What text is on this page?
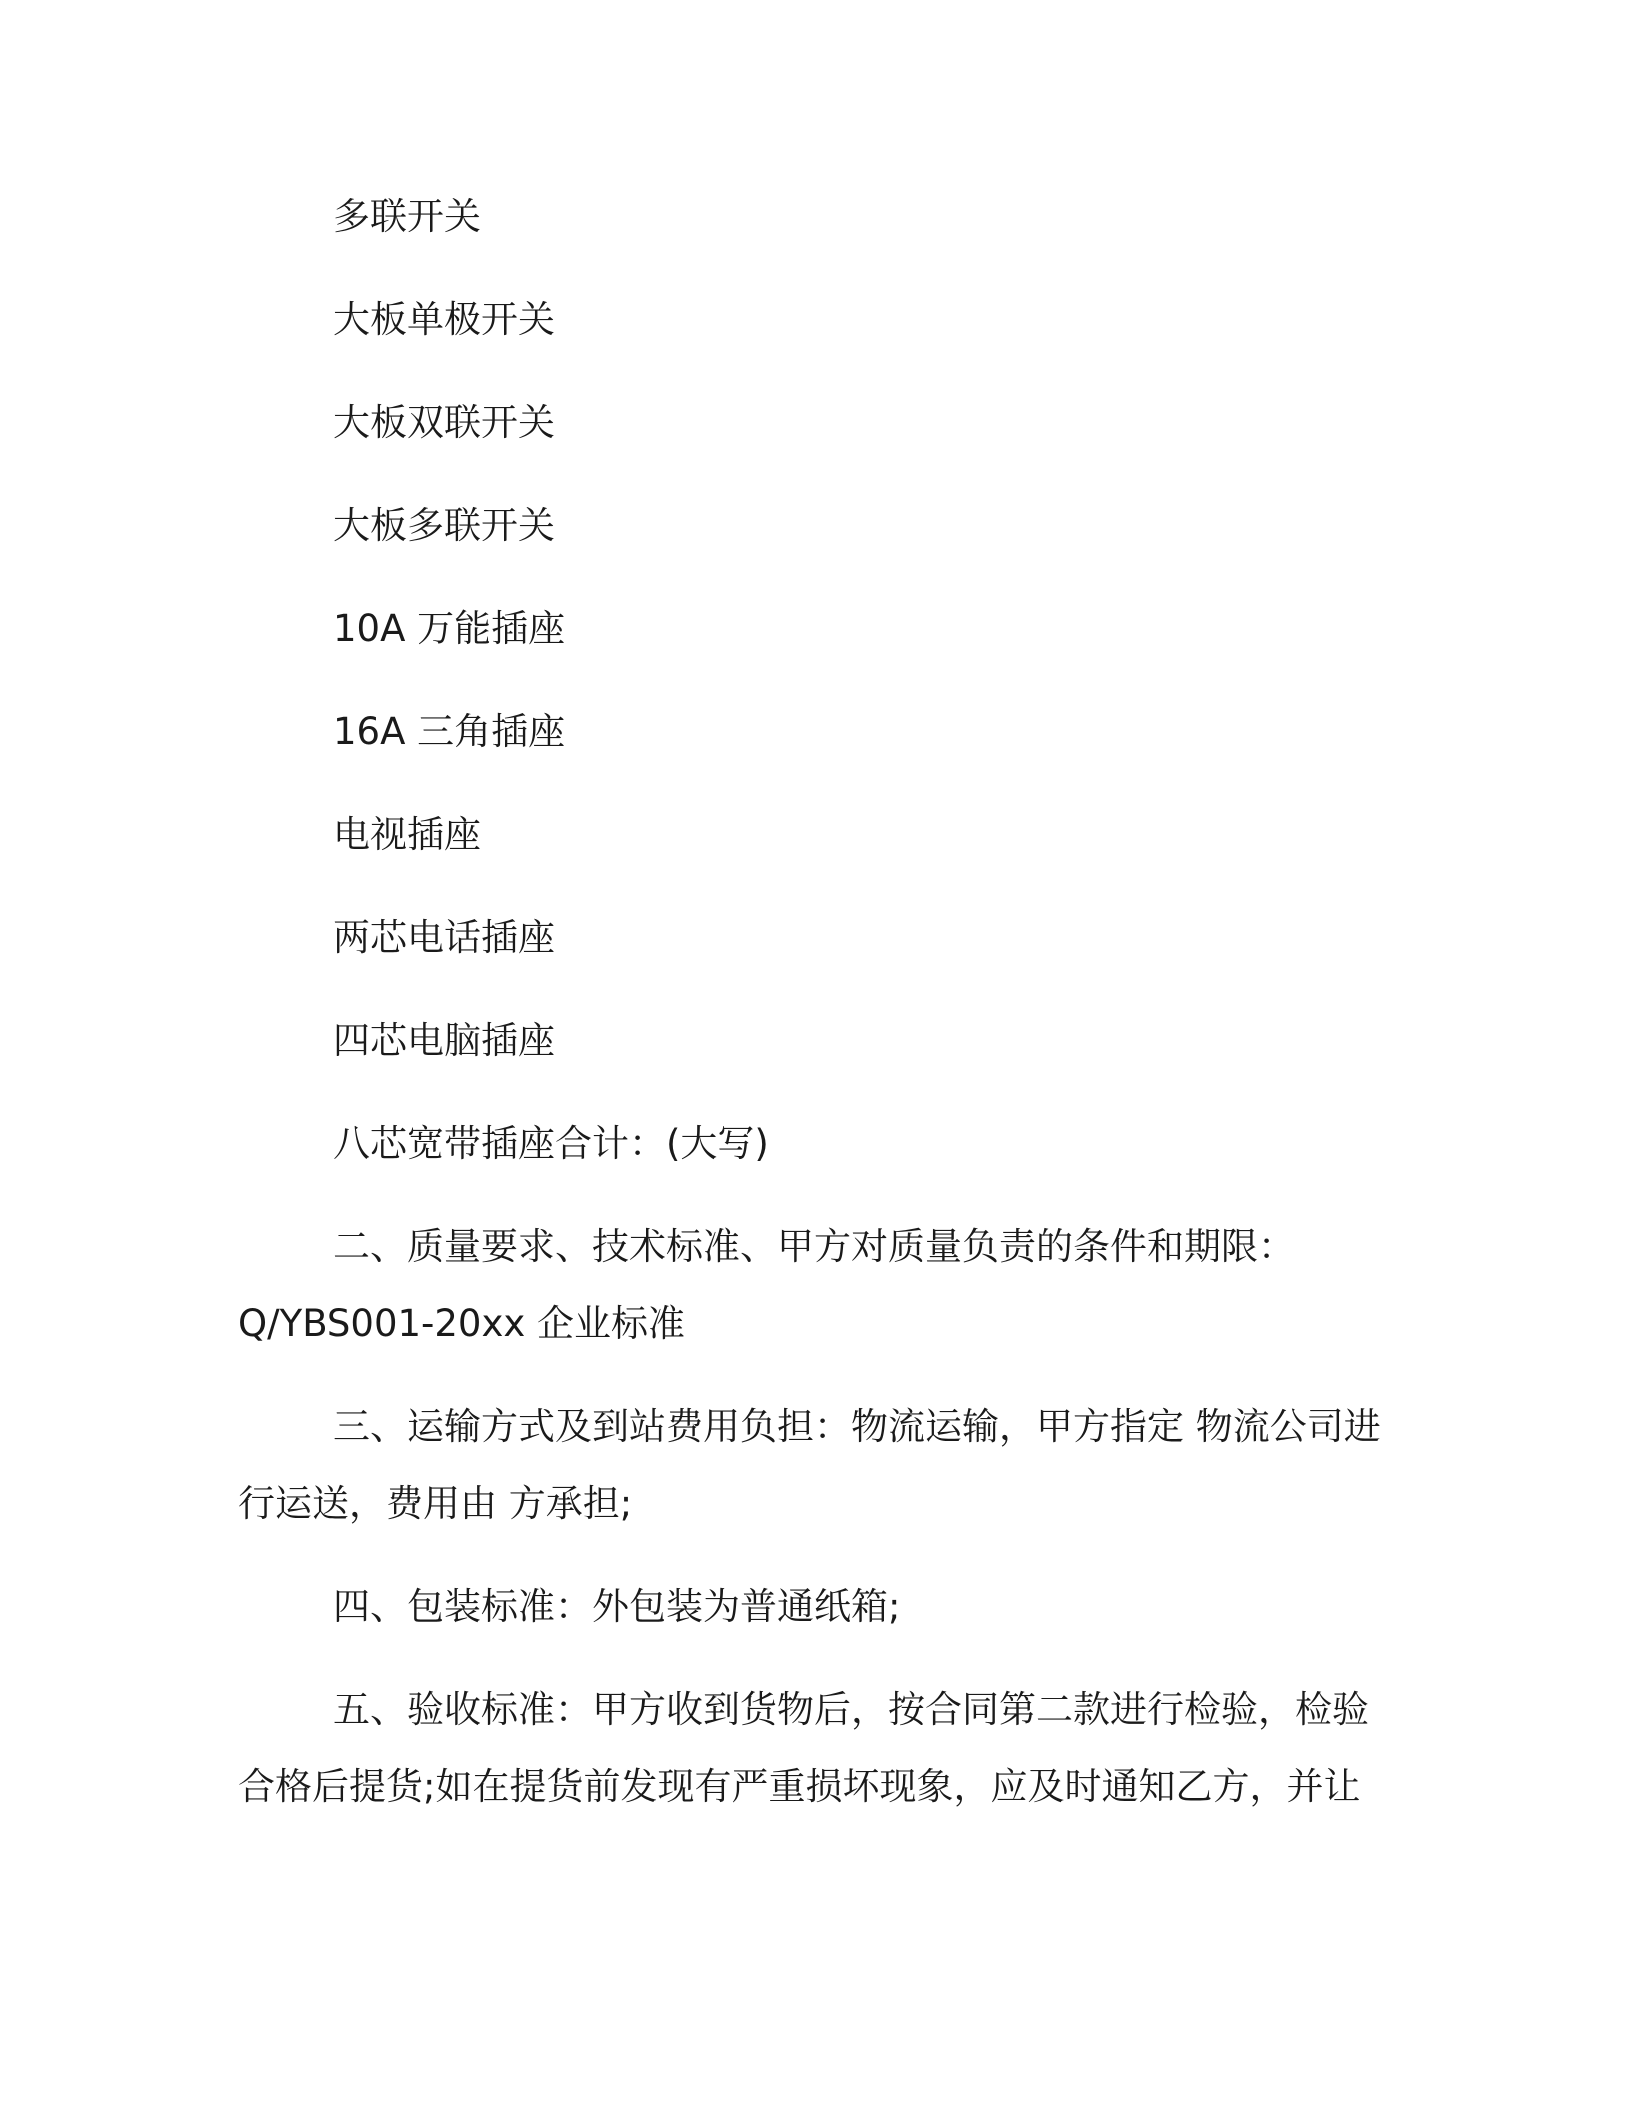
多联开关
大板单极开关
大板双联开关
大板多联开关
10A 万能插座
16A 三角插座
电视插座
两芯电话插座
四芯电脑插座
八芯宽带插座合计：(大写)
二、质量要求、技术标准、甲方对质量负责的条件和期限：
Q/YBS001-20xx 企业标准
三、运输方式及到站费用负担：物流运输，甲方指定 物流公司进
行运送，费用由 方承担;
四、包装标准：外包装为普通纸箱;
五、验收标准：甲方收到货物后，按合同第二款进行检验，检验
合格后提货;如在提货前发现有严重损坏现象，应及时通知乙方，并让
